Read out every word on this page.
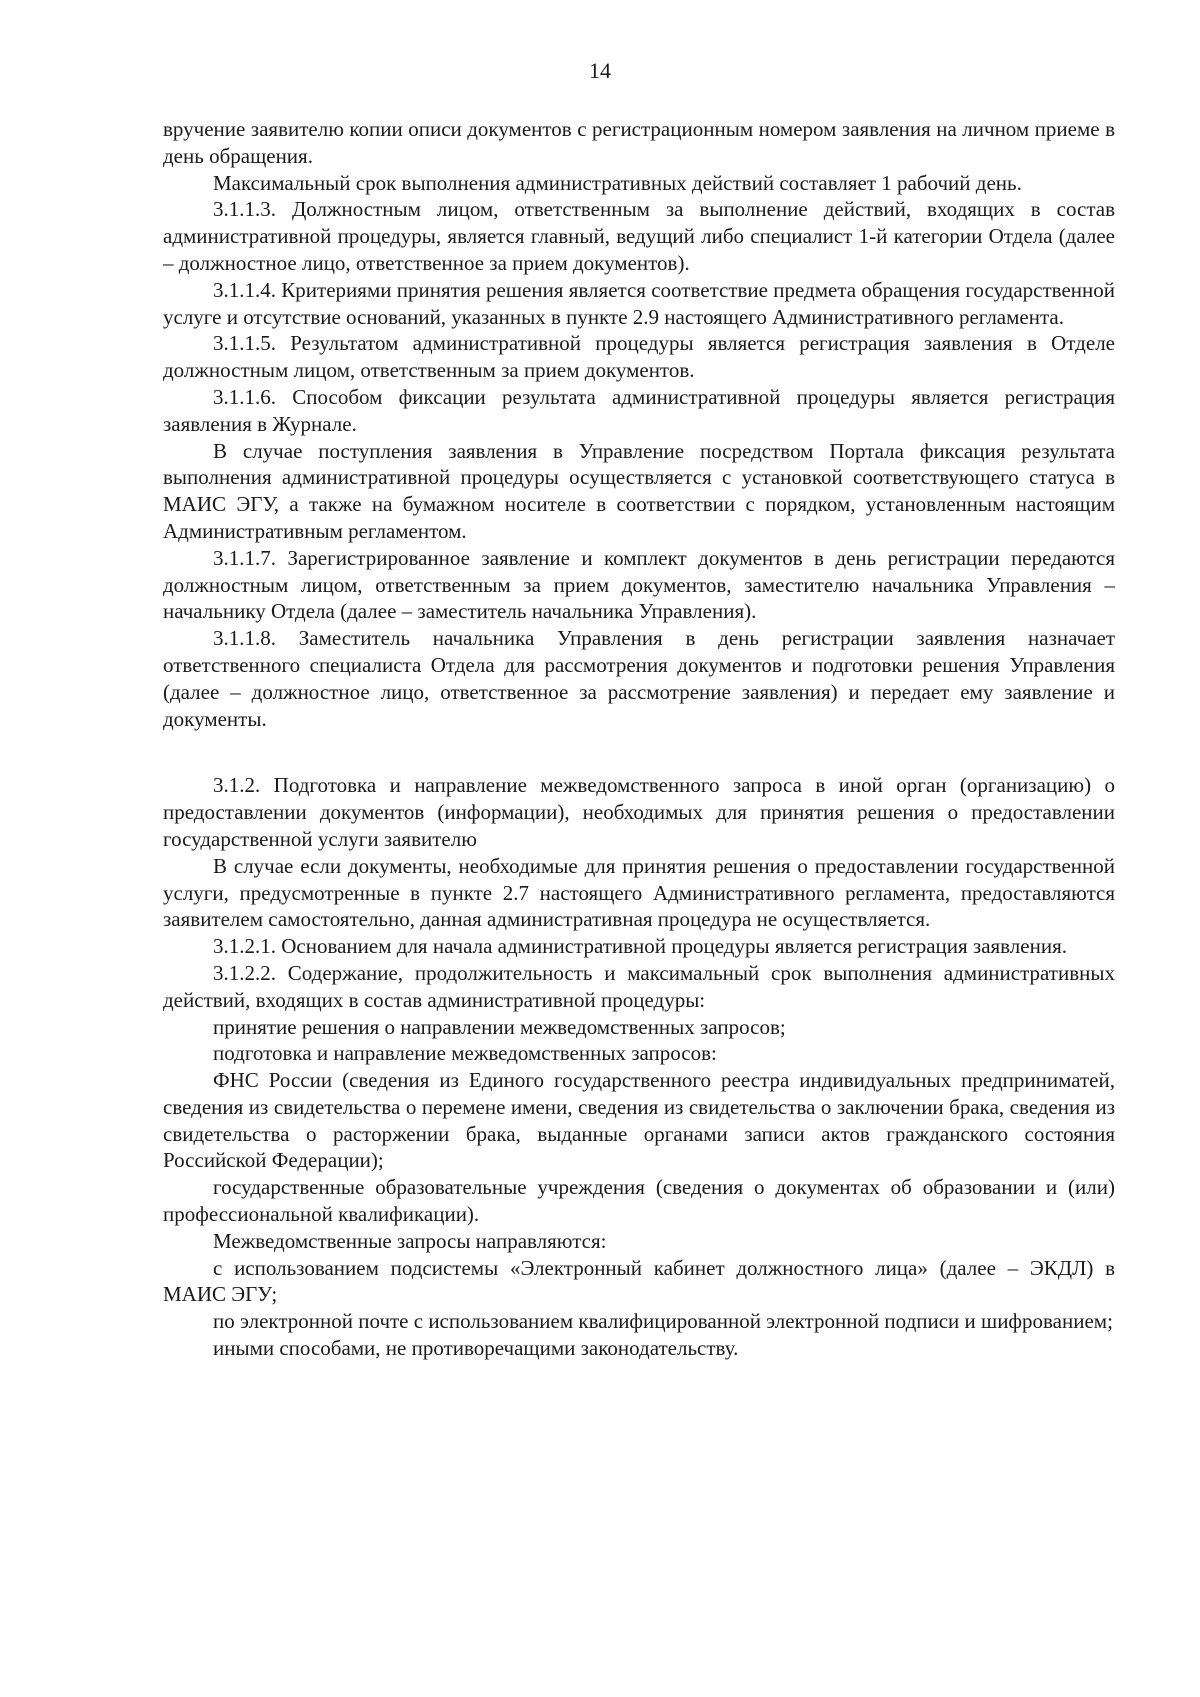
14

вручение заявителю копии описи документов с регистрационным номером заявления на личном приеме в день обращения.

Максимальный срок выполнения административных действий составляет 1 рабочий день.

3.1.1.3. Должностным лицом, ответственным за выполнение действий, входящих в состав административной процедуры, является главный, ведущий либо специалист 1-й категории Отдела (далее – должностное лицо, ответственное за прием документов).

3.1.1.4. Критериями принятия решения является соответствие предмета обращения государственной услуге и отсутствие оснований, указанных в пункте 2.9 настоящего Административного регламента.

3.1.1.5. Результатом административной процедуры является регистрация заявления в Отделе должностным лицом, ответственным за прием документов.

3.1.1.6. Способом фиксации результата административной процедуры является регистрация заявления в Журнале.

В случае поступления заявления в Управление посредством Портала фиксация результата выполнения административной процедуры осуществляется с установкой соответствующего статуса в МАИС ЭГУ, а также на бумажном носителе в соответствии с порядком, установленным настоящим Административным регламентом.

3.1.1.7. Зарегистрированное заявление и комплект документов в день регистрации передаются должностным лицом, ответственным за прием документов, заместителю начальника Управления – начальнику Отдела (далее – заместитель начальника Управления).

3.1.1.8. Заместитель начальника Управления в день регистрации заявления назначает ответственного специалиста Отдела для рассмотрения документов и подготовки решения Управления (далее – должностное лицо, ответственное за рассмотрение заявления) и передает ему заявление и документы.

3.1.2. Подготовка и направление межведомственного запроса в иной орган (организацию) о предоставлении документов (информации), необходимых для принятия решения о предоставлении государственной услуги заявителю

В случае если документы, необходимые для принятия решения о предоставлении государственной услуги, предусмотренные в пункте 2.7 настоящего Административного регламента, предоставляются заявителем самостоятельно, данная административная процедура не осуществляется.

3.1.2.1. Основанием для начала административной процедуры является регистрация заявления.

3.1.2.2. Содержание, продолжительность и максимальный срок выполнения административных действий, входящих в состав административной процедуры:

принятие решения о направлении межведомственных запросов;

подготовка и направление межведомственных запросов:

ФНС России (сведения из Единого государственного реестра индивидуальных предприниматей, сведения из свидетельства о перемене имени, сведения из свидетельства о заключении брака, сведения из свидетельства о расторжении брака, выданные органами записи актов гражданского состояния Российской Федерации);

государственные образовательные учреждения (сведения о документах об образовании и (или) профессиональной квалификации).

Межведомственные запросы направляются:

с использованием подсистемы «Электронный кабинет должностного лица» (далее – ЭКДЛ) в МАИС ЭГУ;

по электронной почте с использованием квалифицированной электронной подписи и шифрованием;

иными способами, не противоречащими законодательству.
